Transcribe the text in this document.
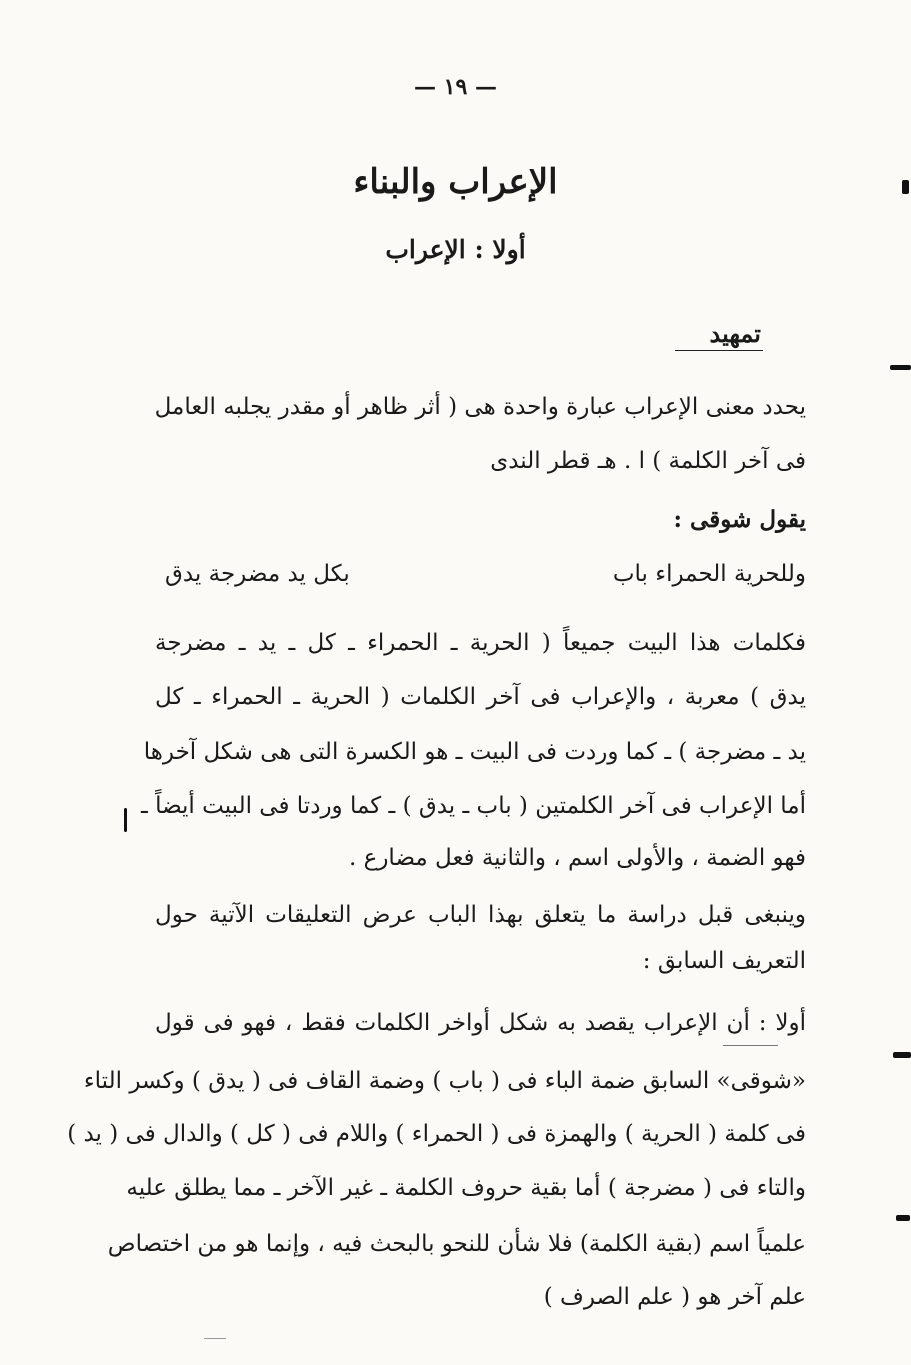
— ١٩ —
الإعراب والبناء
أولا : الإعراب
تمهيد
يحدد معنى الإعراب عبارة واحدة هى ( أثر ظاهر أو مقدر يجلبه العامل
فى آخر الكلمة ) ا . هـ قطر الندى
يقول شوقى :
وللحرية الحمراء باب
بكل يد مضرجة يدق
فكلمات هذا البيت جميعاً ( الحرية ـ الحمراء ـ كل ـ يد ـ مضرجة
يدق ) معربة ، والإعراب فى آخر الكلمات ( الحرية ـ الحمراء ـ كل
يد ـ مضرجة ) ـ كما وردت فى البيت ـ هو الكسرة التى هى شكل آخرها
أما الإعراب فى آخر الكلمتين ( باب ـ يدق ) ـ كما وردتا فى البيت أيضاً ـ
فهو الضمة ، والأولى اسم ، والثانية فعل مضارع .
وينبغى قبل دراسة ما يتعلق بهذا الباب عرض التعليقات الآتية حول
التعريف السابق :
أولا : أن الإعراب يقصد به شكل أواخر الكلمات فقط ، فهو فى قول
«شوقى» السابق ضمة الباء فى ( باب ) وضمة القاف فى ( يدق ) وكسر التاء
فى كلمة ( الحرية ) والهمزة فى ( الحمراء ) واللام فى ( كل ) والدال فى ( يد )
والتاء فى ( مضرجة ) أما بقية حروف الكلمة ـ غير الآخر ـ مما يطلق عليه
علمياً اسم (بقية الكلمة) فلا شأن للنحو بالبحث فيه ، وإنما هو من اختصاص
علم آخر هو ( علم الصرف )
